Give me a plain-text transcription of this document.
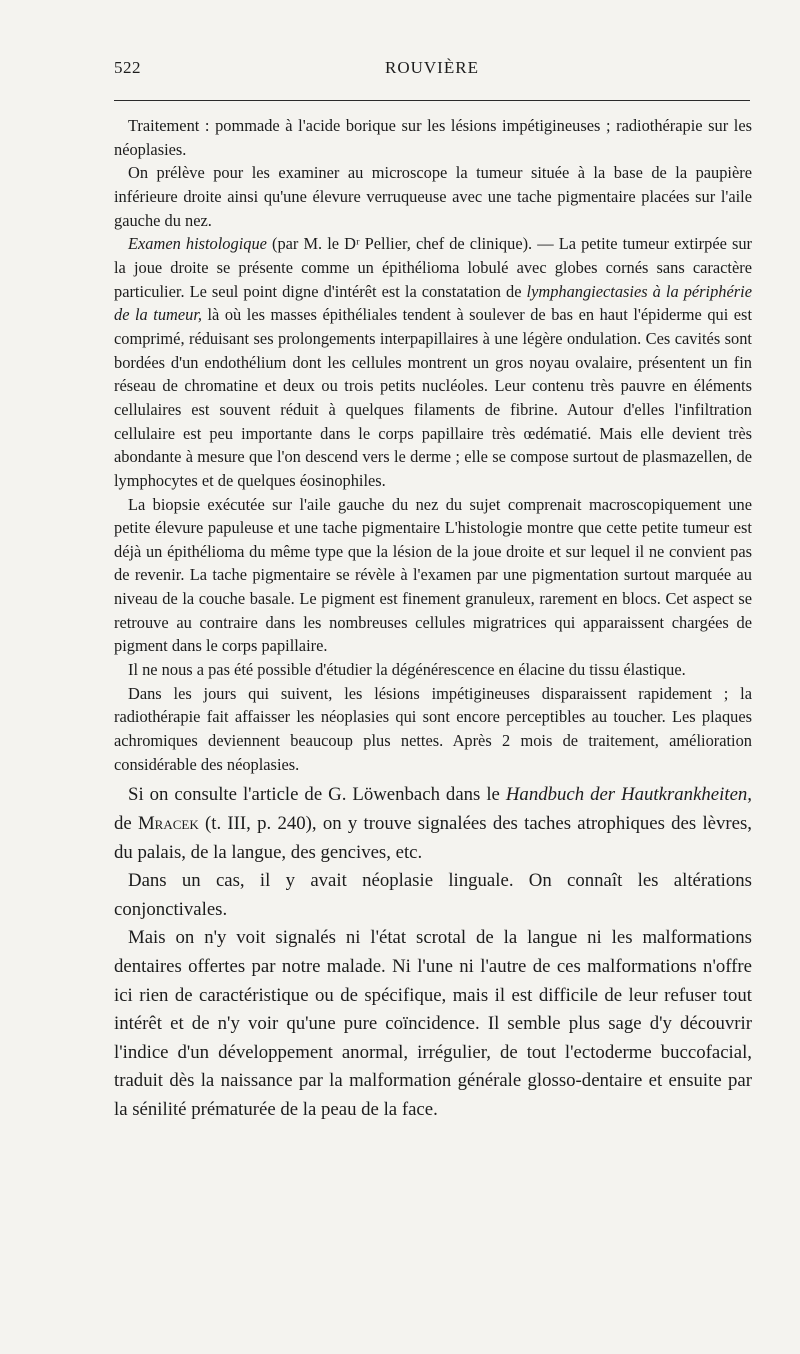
522	ROUVIÈRE

Traitement : pommade à l'acide borique sur les lésions impétigineuses ; radiothérapie sur les néoplasies.

On prélève pour les examiner au microscope la tumeur située à la base de la paupière inférieure droite ainsi qu'une élevure verruqueuse avec une tache pigmentaire placées sur l'aile gauche du nez.

Examen histologique (par M. le Dʳ Pellier, chef de clinique). — La petite tumeur extirpée sur la joue droite se présente comme un épithélioma lobulé avec globes cornés sans caractère particulier. Le seul point digne d'intérêt est la constatation de lymphangiectasies à la périphérie de la tumeur, là où les masses épithéliales tendent à soulever de bas en haut l'épiderme qui est comprimé, réduisant ses prolongements interpapillaires à une légère ondulation. Ces cavités sont bordées d'un endothélium dont les cellules montrent un gros noyau ovalaire, présentent un fin réseau de chromatine et deux ou trois petits nucléoles. Leur contenu très pauvre en éléments cellulaires est souvent réduit à quelques filaments de fibrine. Autour d'elles l'infiltration cellulaire est peu importante dans le corps papillaire très œdématié. Mais elle devient très abondante à mesure que l'on descend vers le derme ; elle se compose surtout de plasmazellen, de lymphocytes et de quelques éosinophiles.

La biopsie exécutée sur l'aile gauche du nez du sujet comprenait macroscopiquement une petite élevure papuleuse et une tache pigmentaire L'histologie montre que cette petite tumeur est déjà un épithélioma du même type que la lésion de la joue droite et sur lequel il ne convient pas de revenir. La tache pigmentaire se révèle à l'examen par une pigmentation surtout marquée au niveau de la couche basale. Le pigment est finement granuleux, rarement en blocs. Cet aspect se retrouve au contraire dans les nombreuses cellules migratrices qui apparaissent chargées de pigment dans le corps papillaire.

Il ne nous a pas été possible d'étudier la dégénérescence en élacine du tissu élastique.

Dans les jours qui suivent, les lésions impétigineuses disparaissent rapidement ; la radiothérapie fait affaisser les néoplasies qui sont encore perceptibles au toucher. Les plaques achromiques deviennent beaucoup plus nettes. Après 2 mois de traitement, amélioration considérable des néoplasies.

Si on consulte l'article de G. Löwenbach dans le Handbuch der Hautkrankheiten, de Mracek (t. III, p. 240), on y trouve signalées des taches atrophiques des lèvres, du palais, de la langue, des gencives, etc.

Dans un cas, il y avait néoplasie linguale. On connaît les altérations conjonctivales.

Mais on n'y voit signalés ni l'état scrotal de la langue ni les malformations dentaires offertes par notre malade. Ni l'une ni l'autre de ces malformations n'offre ici rien de caractéristique ou de spécifique, mais il est difficile de leur refuser tout intérêt et de n'y voir qu'une pure coïncidence. Il semble plus sage d'y découvrir l'indice d'un développement anormal, irrégulier, de tout l'ectoderme buccofacial, traduit dès la naissance par la malformation générale glosso-dentaire et ensuite par la sénilité prématurée de la peau de la face.
